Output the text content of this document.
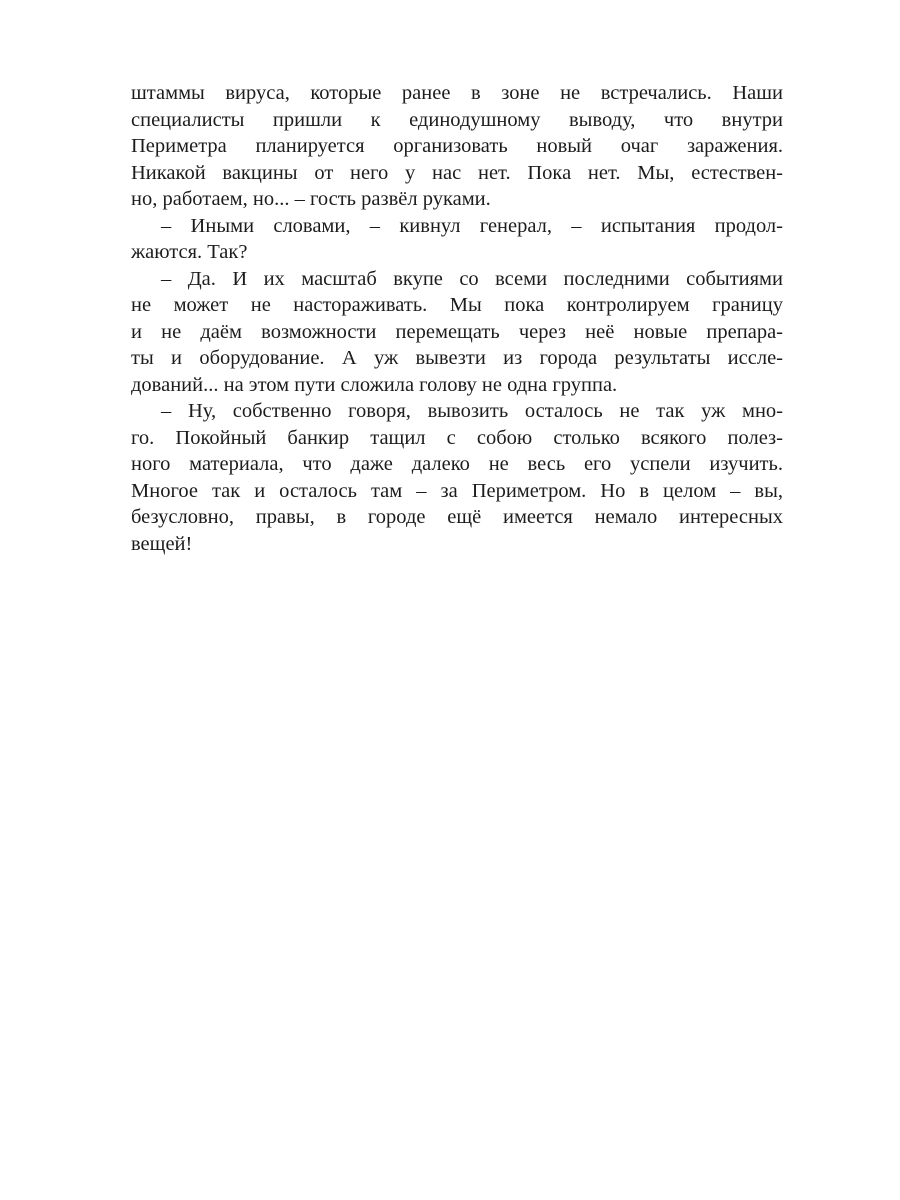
штаммы вируса, которые ранее в зоне не встречались. Наши
специалисты пришли к единодушному выводу, что внутри
Периметра планируется организовать новый очаг заражения.
Никакой вакцины от него у нас нет. Пока нет. Мы, естествен-
но, работаем, но... – гость развёл руками.
– Иными словами, – кивнул генерал, – испытания продол-
жаются. Так?
– Да. И их масштаб вкупе со всеми последними событиями
не может не настораживать. Мы пока контролируем границу
и не даём возможности перемещать через неё новые препара-
ты и оборудование. А уж вывезти из города результаты иссле-
дований... на этом пути сложила голову не одна группа.
– Ну, собственно говоря, вывозить осталось не так уж мно-
го. Покойный банкир тащил с собою столько всякого полез-
ного материала, что даже далеко не весь его успели изучить.
Многое так и осталось там – за Периметром. Но в целом – вы,
безусловно, правы, в городе ещё имеется немало интересных
вещей!
